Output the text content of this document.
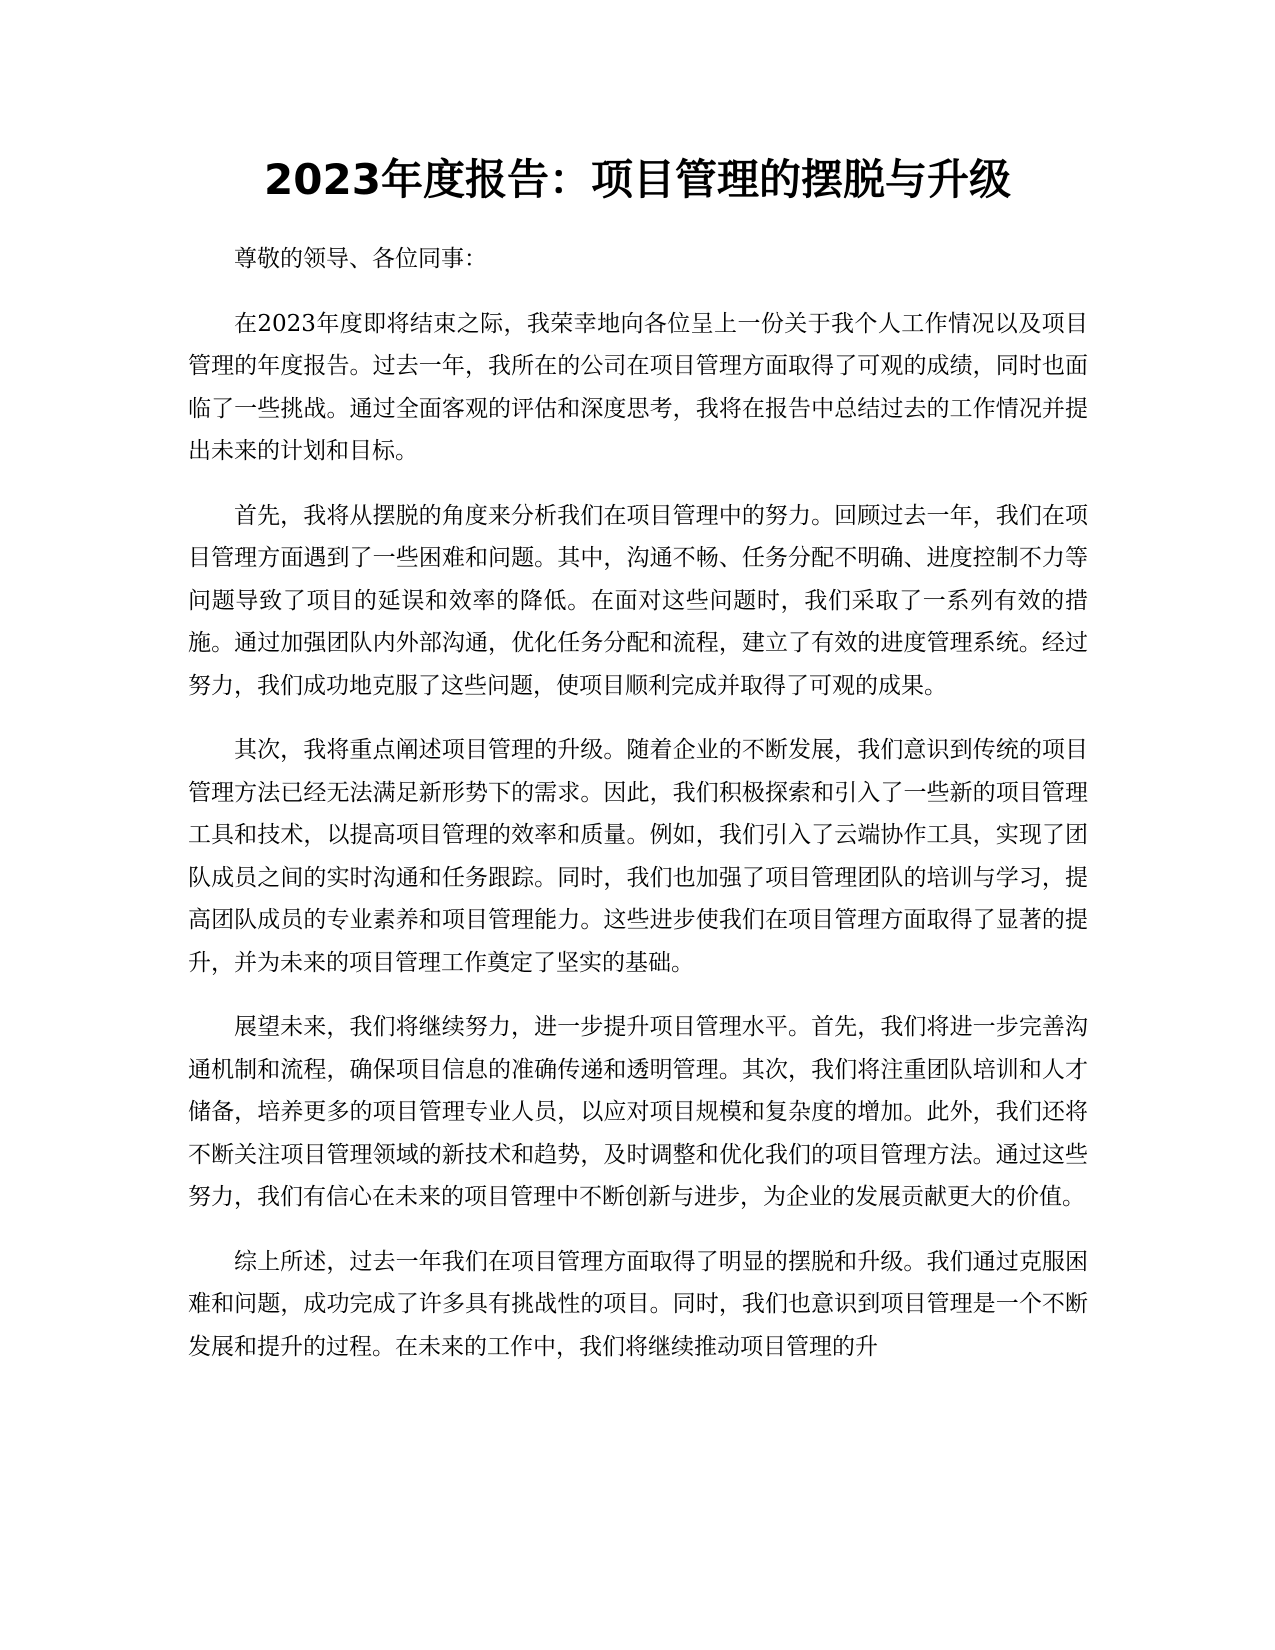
2023年度报告：项目管理的摆脱与升级

尊敬的领导、各位同事：

在2023年度即将结束之际，我荣幸地向各位呈上一份关于我个人工作情况以及项目管理的年度报告。过去一年，我所在的公司在项目管理方面取得了可观的成绩，同时也面临了一些挑战。通过全面客观的评估和深度思考，我将在报告中总结过去的工作情况并提出未来的计划和目标。

首先，我将从摆脱的角度来分析我们在项目管理中的努力。回顾过去一年，我们在项目管理方面遇到了一些困难和问题。其中，沟通不畅、任务分配不明确、进度控制不力等问题导致了项目的延误和效率的降低。在面对这些问题时，我们采取了一系列有效的措施。通过加强团队内外部沟通，优化任务分配和流程，建立了有效的进度管理系统。经过努力，我们成功地克服了这些问题，使项目顺利完成并取得了可观的成果。

其次，我将重点阐述项目管理的升级。随着企业的不断发展，我们意识到传统的项目管理方法已经无法满足新形势下的需求。因此，我们积极探索和引入了一些新的项目管理工具和技术，以提高项目管理的效率和质量。例如，我们引入了云端协作工具，实现了团队成员之间的实时沟通和任务跟踪。同时，我们也加强了项目管理团队的培训与学习，提高团队成员的专业素养和项目管理能力。这些进步使我们在项目管理方面取得了显著的提升，并为未来的项目管理工作奠定了坚实的基础。

展望未来，我们将继续努力，进一步提升项目管理水平。首先，我们将进一步完善沟通机制和流程，确保项目信息的准确传递和透明管理。其次，我们将注重团队培训和人才储备，培养更多的项目管理专业人员，以应对项目规模和复杂度的增加。此外，我们还将不断关注项目管理领域的新技术和趋势，及时调整和优化我们的项目管理方法。通过这些努力，我们有信心在未来的项目管理中不断创新与进步，为企业的发展贡献更大的价值。

综上所述，过去一年我们在项目管理方面取得了明显的摆脱和升级。我们通过克服困难和问题，成功完成了许多具有挑战性的项目。同时，我们也意识到项目管理是一个不断发展和提升的过程。在未来的工作中，我们将继续推动项目管理的升
